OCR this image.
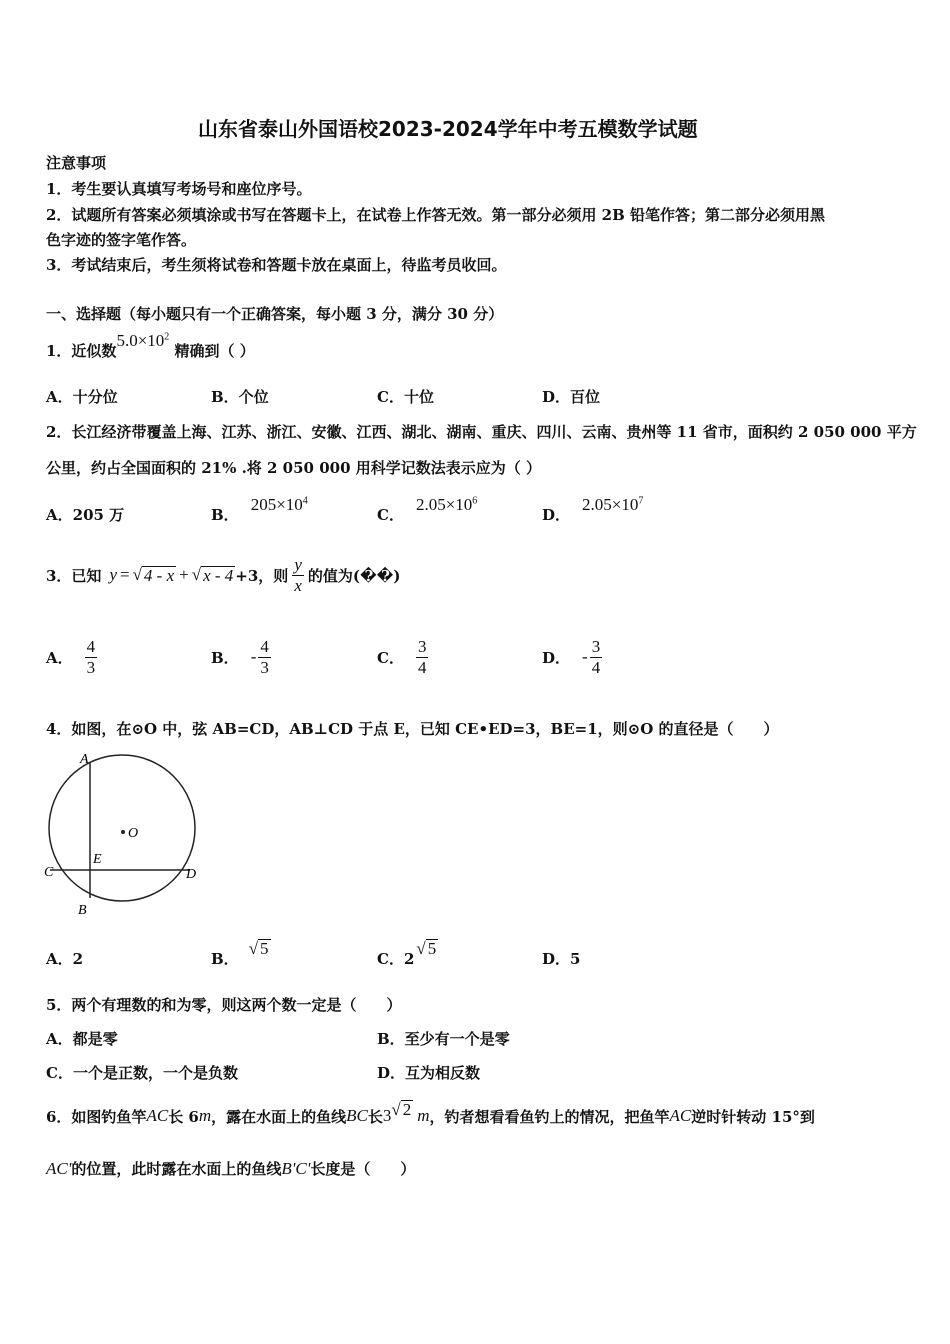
山东省泰山外国语校2023-2024学年中考五模数学试题
注意事项
1．考生要认真填写考场号和座位序号。
2．试题所有答案必须填涂或书写在答题卡上，在试卷上作答无效。第一部分必须用 2B 铅笔作答；第二部分必须用黑
色字迹的签字笔作答。
3．考试结束后，考生须将试卷和答题卡放在桌面上，待监考员收回。
一、选择题（每小题只有一个正确答案，每小题 3 分，满分 30 分）
1．近似数$5.0\times 10^2$ 精确到（ ）
A．十分位	B．个位	C．十位	D．百位
2．长江经济带覆盖上海、江苏、浙江、安徽、江西、湖北、湖南、重庆、四川、云南、贵州等 11 省市，面积约 2 050 000 平方
公里，约占全国面积的 21% .将 2 050 000 用科学记数法表示应为（ ）
A．205 万	B．$205\times 10^4$
C．$2.05\times 10^6$
D．$2.05\times 10^7$
3．已知 y = √ 4 - x + √ x - 4 +3，则 $\frac{y}{x}$ 的值为(��)
A． $\frac{4}{3}$	B． - $\frac{4}{3}$	C． $\frac{3}{4}$	D． - $\frac{3}{4}$
4．如图，在⊙O 中，弦 AB=CD，AB⊥CD 于点 E，已知 CE•ED=3，BE=1，则⊙O 的直径是（　　）
A
O
E
C	D
B
A．2	B．√ 5
C．2√ 5
D．5
5．两个有理数的和为零，则这两个数一定是（　　）
A．都是零	B．至少有一个是零
C．一个是正数，一个是负数	D．互为相反数
6．如图钓鱼竿 AC 长 6 m ，露在水面上的鱼线 BC 长 3 √ 2 m ，钓者想看看鱼钓上的情况，把鱼竿 AC 逆时针转动 15°到
AC'的位置，此时露在水面上的鱼线B'C'长度是（　　）
